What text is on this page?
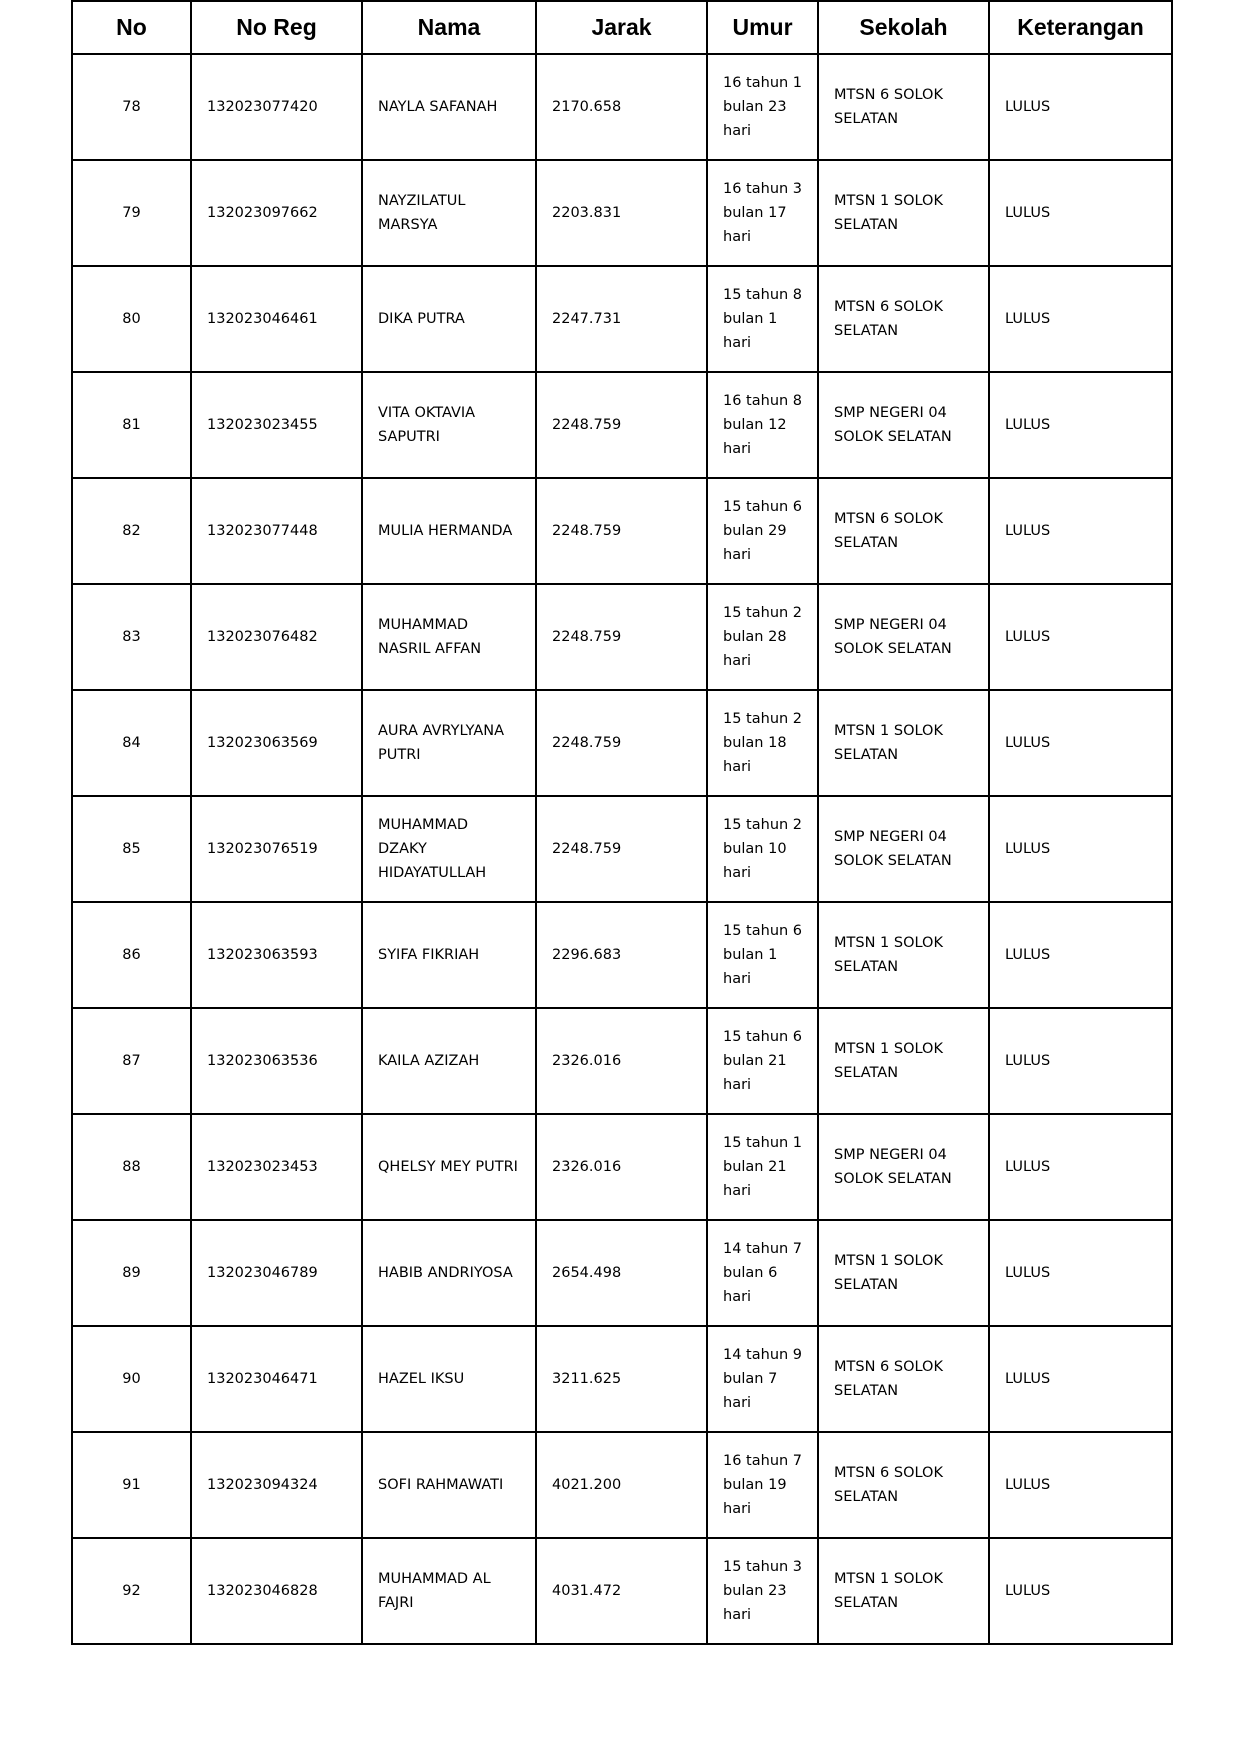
No	No Reg	Nama	Jarak	Umur	Sekolah	Keterangan
78	132023077420	NAYLA SAFANAH	2170.658	16 tahun 1 bulan 23 hari	MTSN 6 SOLOK SELATAN	LULUS
79	132023097662	NAYZILATUL MARSYA	2203.831	16 tahun 3 bulan 17 hari	MTSN 1 SOLOK SELATAN	LULUS
80	132023046461	DIKA PUTRA	2247.731	15 tahun 8 bulan 1 hari	MTSN 6 SOLOK SELATAN	LULUS
81	132023023455	VITA OKTAVIA SAPUTRI	2248.759	16 tahun 8 bulan 12 hari	SMP NEGERI 04 SOLOK SELATAN	LULUS
82	132023077448	MULIA HERMANDA	2248.759	15 tahun 6 bulan 29 hari	MTSN 6 SOLOK SELATAN	LULUS
83	132023076482	MUHAMMAD NASRIL AFFAN	2248.759	15 tahun 2 bulan 28 hari	SMP NEGERI 04 SOLOK SELATAN	LULUS
84	132023063569	AURA AVRYLYANA PUTRI	2248.759	15 tahun 2 bulan 18 hari	MTSN 1 SOLOK SELATAN	LULUS
85	132023076519	MUHAMMAD DZAKY HIDAYATULLAH	2248.759	15 tahun 2 bulan 10 hari	SMP NEGERI 04 SOLOK SELATAN	LULUS
86	132023063593	SYIFA FIKRIAH	2296.683	15 tahun 6 bulan 1 hari	MTSN 1 SOLOK SELATAN	LULUS
87	132023063536	KAILA AZIZAH	2326.016	15 tahun 6 bulan 21 hari	MTSN 1 SOLOK SELATAN	LULUS
88	132023023453	QHELSY MEY PUTRI	2326.016	15 tahun 1 bulan 21 hari	SMP NEGERI 04 SOLOK SELATAN	LULUS
89	132023046789	HABIB ANDRIYOSA	2654.498	14 tahun 7 bulan 6 hari	MTSN 1 SOLOK SELATAN	LULUS
90	132023046471	HAZEL IKSU	3211.625	14 tahun 9 bulan 7 hari	MTSN 6 SOLOK SELATAN	LULUS
91	132023094324	SOFI RAHMAWATI	4021.200	16 tahun 7 bulan 19 hari	MTSN 6 SOLOK SELATAN	LULUS
92	132023046828	MUHAMMAD AL FAJRI	4031.472	15 tahun 3 bulan 23 hari	MTSN 1 SOLOK SELATAN	LULUS
